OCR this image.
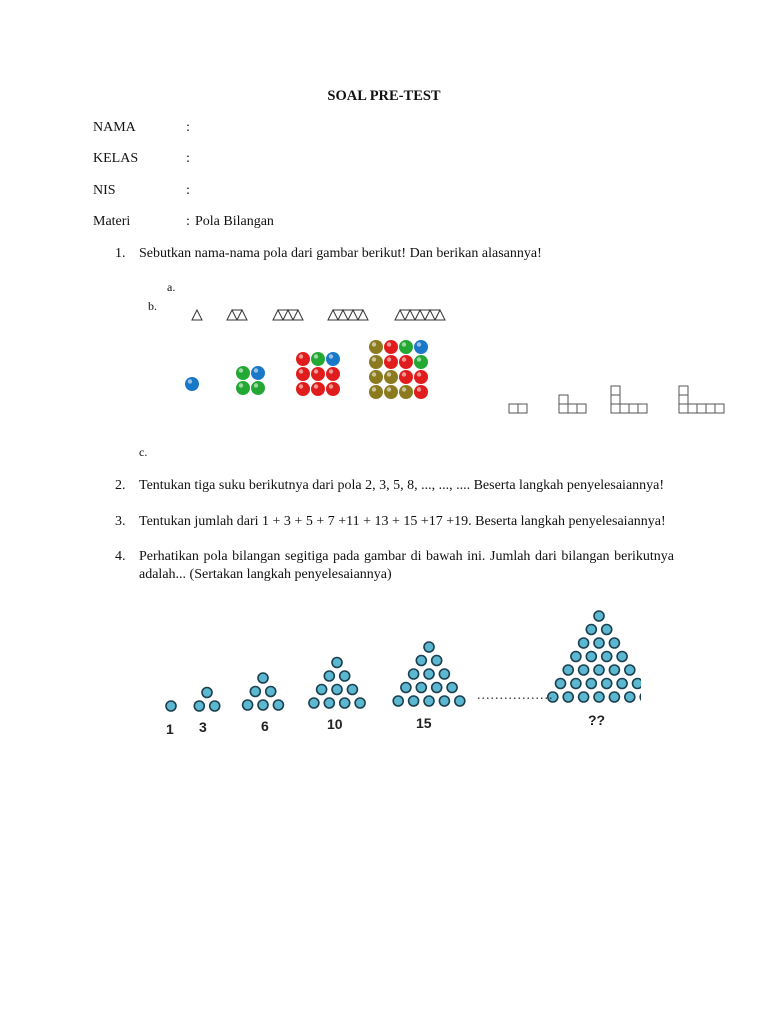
SOAL PRE-TEST
NAMA	:
KELAS	:
NIS	:
Materi	: Pola Bilangan
1. Sebutkan nama-nama pola dari gambar berikut! Dan berikan alasannya!
a.
b.
c.
2. Tentukan tiga suku berikutnya dari pola 2, 3, 5, 8, ..., ..., .... Beserta langkah penyelesaiannya!
3. Tentukan jumlah dari 1 + 3 + 5 + 7 +11 + 13 + 15 +17 +19. Beserta langkah penyelesaiannya!
4. Perhatikan pola bilangan segitiga pada gambar di bawah ini. Jumlah dari bilangan berikutnya adalah... (Sertakan langkah penyelesaiannya)
1 3	6	10	15
.................
??
